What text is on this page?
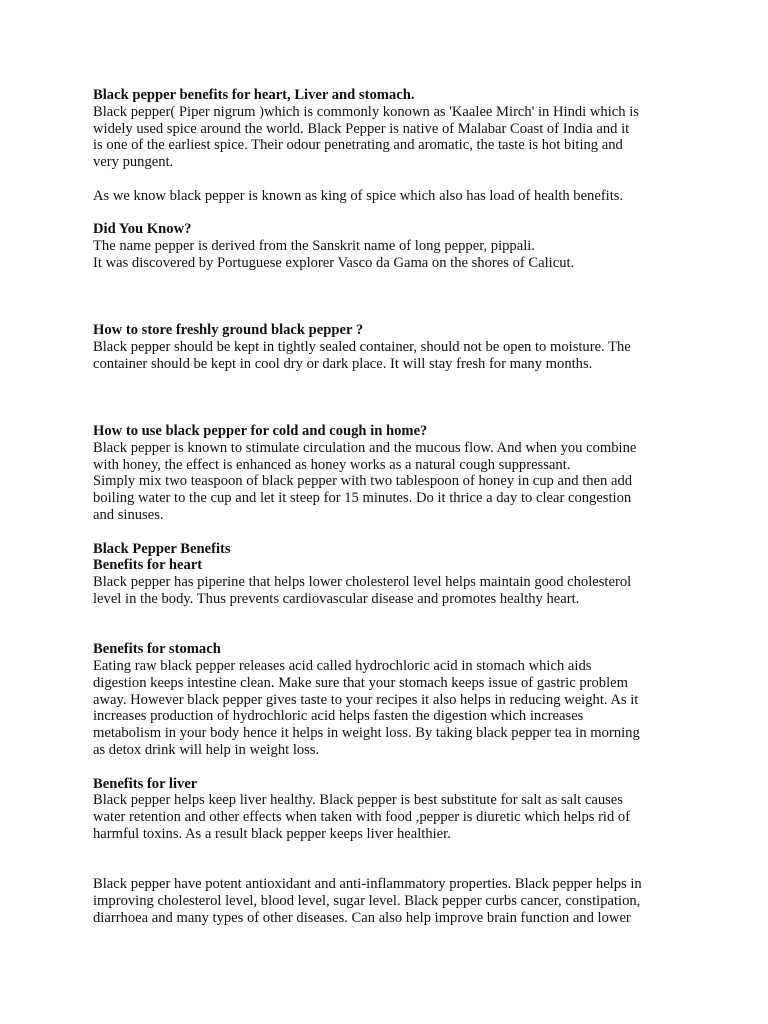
Black pepper benefits for heart, Liver and stomach.
Black pepper( Piper nigrum )which is commonly konown as 'Kaalee Mirch' in Hindi which is
widely used spice around the world. Black Pepper is native of Malabar Coast of India and it
is one of the earliest spice. Their odour penetrating and aromatic, the taste is hot biting and
very pungent.
As we know black pepper is known as king of spice which also has load of health benefits.
Did You Know?
The name pepper is derived from the Sanskrit name of long pepper, pippali.
It was discovered by Portuguese explorer Vasco da Gama on the shores of Calicut.
How to store freshly ground black pepper ?
Black pepper should be kept in tightly sealed container, should not be open to moisture. The
container should be kept in cool dry or dark place. It will stay fresh for many months.
How to use black pepper for cold and cough in home?
Black pepper is known to stimulate circulation and the mucous flow. And when you combine
with honey, the effect is enhanced as honey works as a natural cough suppressant.
Simply mix two teaspoon of black pepper with two tablespoon of honey in cup and then add
boiling water to the cup and let it steep for 15 minutes. Do it thrice a day to clear congestion
and sinuses.
Black Pepper Benefits
Benefits for heart
Black pepper has piperine that helps lower cholesterol level helps maintain good cholesterol
level in the body. Thus prevents cardiovascular disease and promotes healthy heart.
Benefits for stomach
Eating raw black pepper releases acid called hydrochloric acid in stomach which aids
digestion keeps intestine clean. Make sure that your stomach keeps issue of gastric problem
away. However black pepper gives taste to your recipes it also helps in reducing weight. As it
increases production of hydrochloric acid helps fasten the digestion which increases
metabolism in your body hence it helps in weight loss. By taking black pepper tea in morning
as detox drink will help in weight loss.
Benefits for liver
Black pepper helps keep liver healthy. Black pepper is best substitute for salt as salt causes
water retention and other effects when taken with food ,pepper is diuretic which helps rid of
harmful toxins. As a result black pepper keeps liver healthier.
Black pepper have potent antioxidant and anti-inflammatory properties. Black pepper helps in
improving cholesterol level, blood level, sugar level. Black pepper curbs cancer, constipation,
diarrhoea and many types of other diseases. Can also help improve brain function and lower
